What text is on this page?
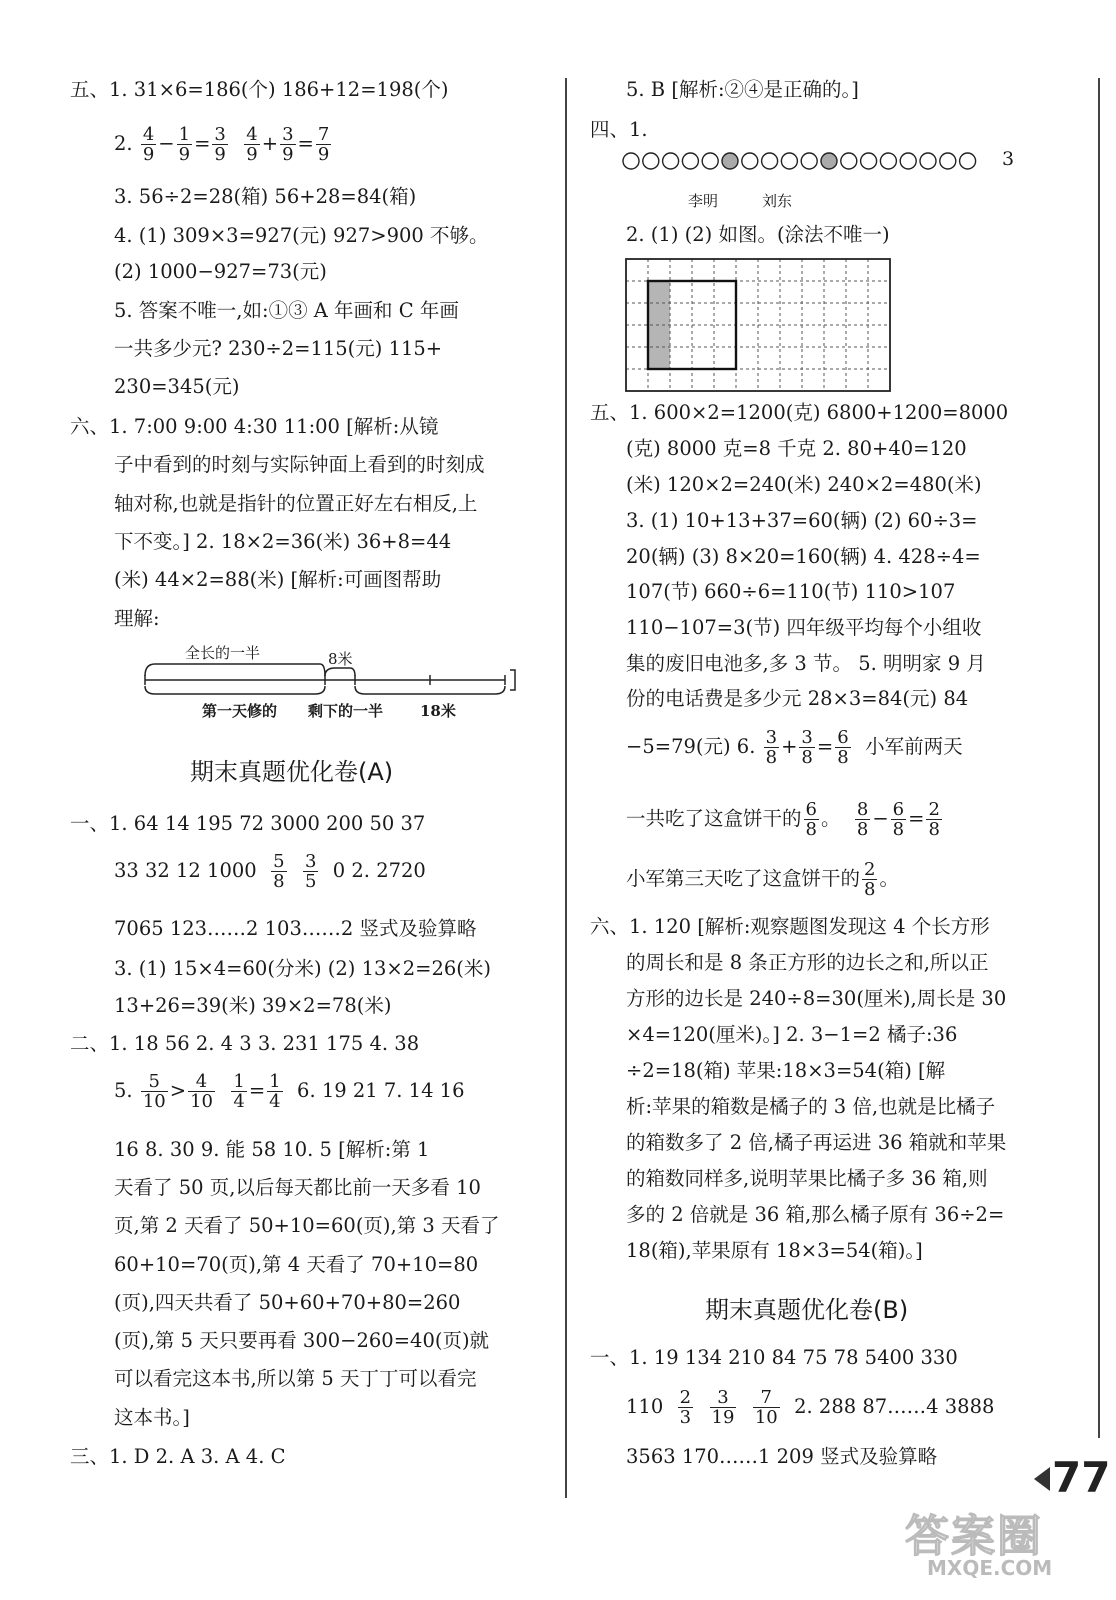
五、1. 31×6=186(个) 186+12=198(个)
2. $\frac{4}{9} - \frac{1}{9} = \frac{3}{9}$
$\frac{4}{9} + \frac{3}{9} = \frac{7}{9}$
3. 56÷2=28(箱) 56+28=84(箱)
4. (1) 309×3=927(元) 927>900 不够。
(2) 1000−927=73(元)
5. 答案不唯一,如:①③ A 年画和 C 年画
一共多少元? 230÷2=115(元) 115+
230=345(元)
六、1. 7:00 9:00 4:30 11:00 [解析:从镜
子中看到的时刻与实际钟面上看到的时刻成
轴对称,也就是指针的位置正好左右相反,上
下不变。] 2. 18×2=36(米) 36+8=44
(米) 44×2=88(米) [解析:可画图帮助
理解:
全长的一半	8米
第一天修的 剩下的一半 18米
期末真题优化卷(A)
一、1. 64 14 195 72 3000 200 50 37
33 32 12 $1000 \frac{5}{8}$
$\frac{3}{5} 0$ 2. 2720
7065 123……2 103……2 竖式及验算略
3. (1) 15×4=60(分米) (2) 13×2=26(米)
13+26=39(米) 39×2=78(米)
二、1. 18 56 2. 4 3 3. 231 175 4. 38
5. $\frac{5}{10} > \frac{4}{10}$
$\frac{1}{4} = \frac{1}{4} 6$. 19 21 7. 14 16
16 8. 30 9. 能 58 10. 5 [解析:第 1
天看了 50 页,以后每天都比前一天多看 10
页,第 2 天看了 50+10=60(页),第 3 天看了
60+10=70(页),第 4 天看了 70+10=80
(页),四天共看了 50+60+70+80=260
(页),第 5 天只要再看 300−260=40(页)就
可以看完这本书,所以第 5 天丁丁可以看完
这本书。]
三、1. D 2. A 3. A 4. C
5. B [解析:②④是正确的。]
四、1.
3
李明	刘东
2. (1) (2) 如图。(涂法不唯一)
五、1. 600×2=1200(克) 6800+1200=8000
(克) 8000 克=8 千克 2. 80+40=120
(米) 120×2=240(米) 240×2=480(米)
3. (1) 10+13+37=60(辆) (2) 60÷3=
20(辆) (3) 8×20=160(辆) 4. 428÷4=
107(节) 660÷6=110(节) 110>107
110−107=3(节) 四年级平均每个小组收
集的废旧电池多,多 3 节。 5. 明明家 9 月
份的电话费是多少元 28×3=84(元) 84
−5=79(元) 6. $\frac{3}{8} + \frac{3}{8} = \frac{6}{8}$ 小军前两天
一共吃了这盒饼干的 $\frac{6}{8}$ 。 $\frac{8}{8} - \frac{6}{8} = \frac{2}{8}$
小军第三天吃了这盒饼干的 $\frac{2}{8}$ 。
六、1. 120 [解析:观察题图发现这 4 个长方形
的周长和是 8 条正方形的边长之和,所以正
方形的边长是 240÷8=30(厘米),周长是 30
×4=120(厘米)。] 2. 3−1=2 橘子:36
÷2=18(箱) 苹果:18×3=54(箱) [解
析:苹果的箱数是橘子的 3 倍,也就是比橘子
的箱数多了 2 倍,橘子再运进 36 箱就和苹果
的箱数同样多,说明苹果比橘子多 36 箱,则
多的 2 倍就是 36 箱,那么橘子原有 36÷2=
18(箱),苹果原有 18×3=54(箱)。]
期末真题优化卷(B)
一、1. 19 134 210 84 75 78 5400 330
$110 \frac{2}{3}$
$\frac{3}{19}$
$\frac{7}{10} 2$. 288 87……4 3888
3563 170……1 209 竖式及验算略
答案圈
MXQE.COM
77
